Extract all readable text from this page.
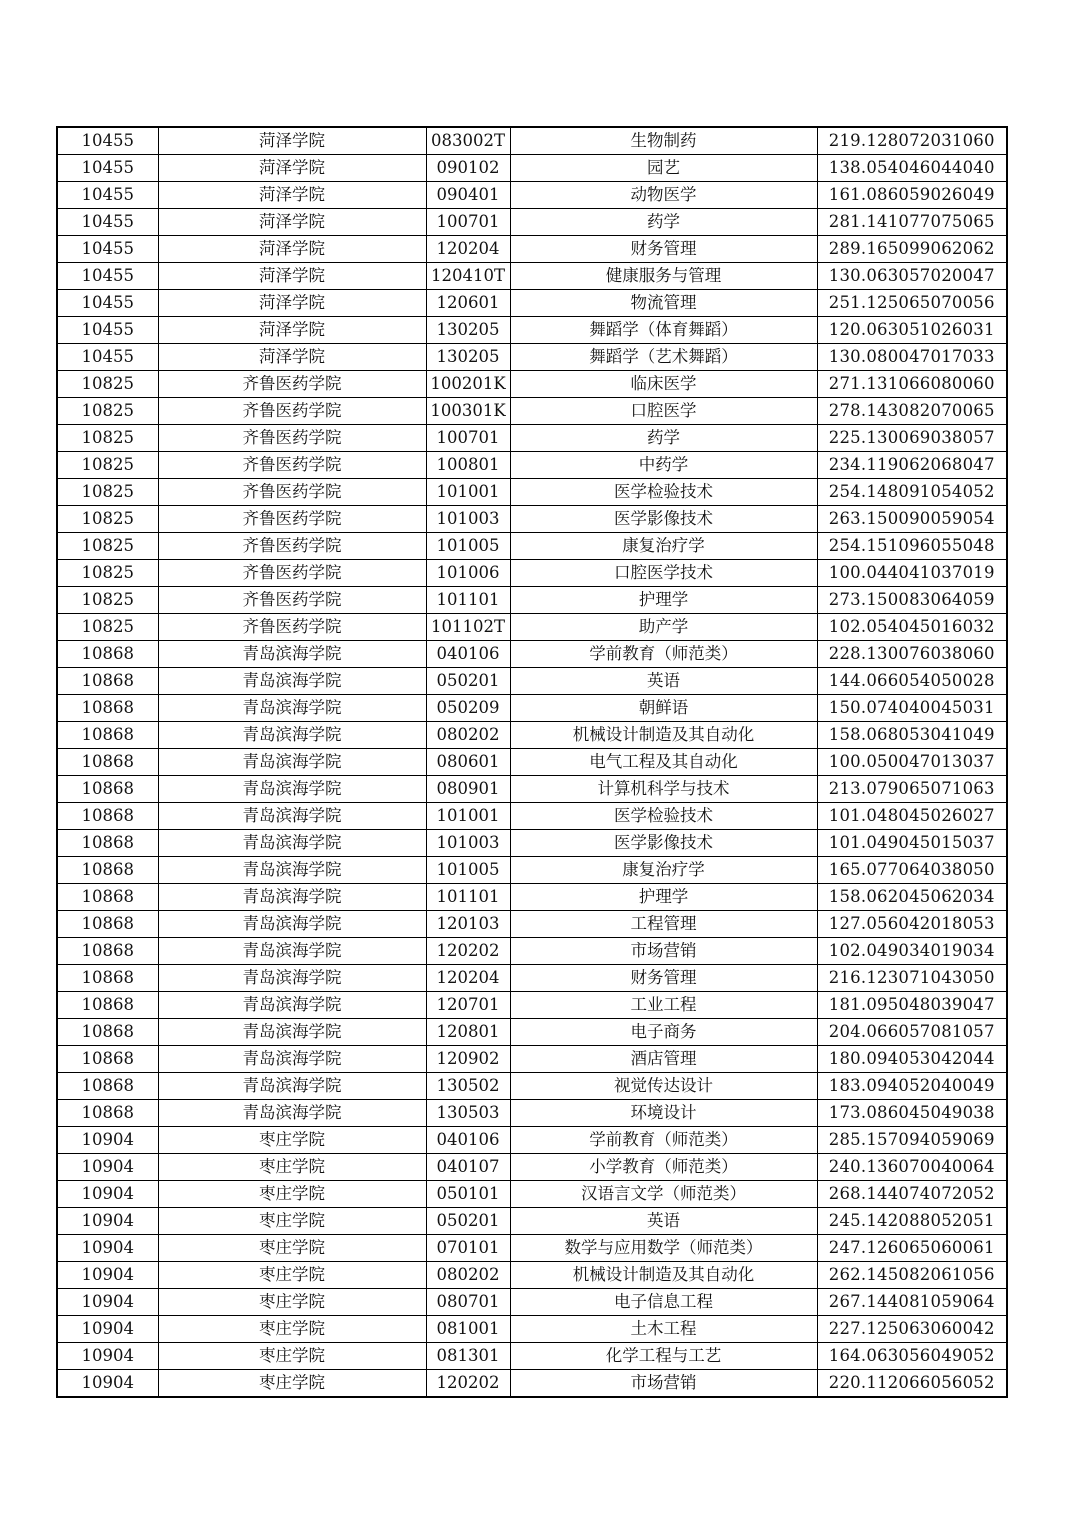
10455	菏泽学院	083002T	生物制药	219.128072031060
10455	菏泽学院	090102	园艺	138.054046044040
10455	菏泽学院	090401	动物医学	161.086059026049
10455	菏泽学院	100701	药学	281.141077075065
10455	菏泽学院	120204	财务管理	289.165099062062
10455	菏泽学院	120410T	健康服务与管理	130.063057020047
10455	菏泽学院	120601	物流管理	251.125065070056
10455	菏泽学院	130205	舞蹈学（体育舞蹈）	120.063051026031
10455	菏泽学院	130205	舞蹈学（艺术舞蹈）	130.080047017033
10825	齐鲁医药学院	100201K	临床医学	271.131066080060
10825	齐鲁医药学院	100301K	口腔医学	278.143082070065
10825	齐鲁医药学院	100701	药学	225.130069038057
10825	齐鲁医药学院	100801	中药学	234.119062068047
10825	齐鲁医药学院	101001	医学检验技术	254.148091054052
10825	齐鲁医药学院	101003	医学影像技术	263.150090059054
10825	齐鲁医药学院	101005	康复治疗学	254.151096055048
10825	齐鲁医药学院	101006	口腔医学技术	100.044041037019
10825	齐鲁医药学院	101101	护理学	273.150083064059
10825	齐鲁医药学院	101102T	助产学	102.054045016032
10868	青岛滨海学院	040106	学前教育（师范类）	228.130076038060
10868	青岛滨海学院	050201	英语	144.066054050028
10868	青岛滨海学院	050209	朝鲜语	150.074040045031
10868	青岛滨海学院	080202	机械设计制造及其自动化	158.068053041049
10868	青岛滨海学院	080601	电气工程及其自动化	100.050047013037
10868	青岛滨海学院	080901	计算机科学与技术	213.079065071063
10868	青岛滨海学院	101001	医学检验技术	101.048045026027
10868	青岛滨海学院	101003	医学影像技术	101.049045015037
10868	青岛滨海学院	101005	康复治疗学	165.077064038050
10868	青岛滨海学院	101101	护理学	158.062045062034
10868	青岛滨海学院	120103	工程管理	127.056042018053
10868	青岛滨海学院	120202	市场营销	102.049034019034
10868	青岛滨海学院	120204	财务管理	216.123071043050
10868	青岛滨海学院	120701	工业工程	181.095048039047
10868	青岛滨海学院	120801	电子商务	204.066057081057
10868	青岛滨海学院	120902	酒店管理	180.094053042044
10868	青岛滨海学院	130502	视觉传达设计	183.094052040049
10868	青岛滨海学院	130503	环境设计	173.086045049038
10904	枣庄学院	040106	学前教育（师范类）	285.157094059069
10904	枣庄学院	040107	小学教育（师范类）	240.136070040064
10904	枣庄学院	050101	汉语言文学（师范类）	268.144074072052
10904	枣庄学院	050201	英语	245.142088052051
10904	枣庄学院	070101	数学与应用数学（师范类）	247.126065060061
10904	枣庄学院	080202	机械设计制造及其自动化	262.145082061056
10904	枣庄学院	080701	电子信息工程	267.144081059064
10904	枣庄学院	081001	土木工程	227.125063060042
10904	枣庄学院	081301	化学工程与工艺	164.063056049052
10904	枣庄学院	120202	市场营销	220.112066056052
